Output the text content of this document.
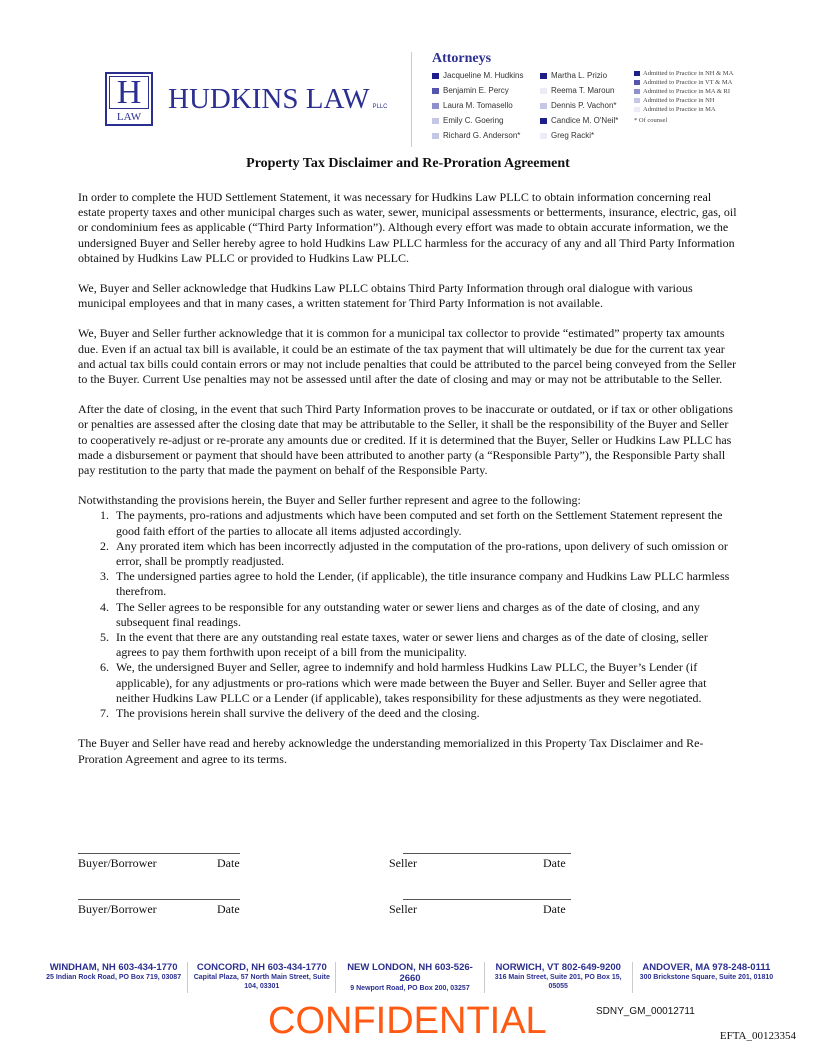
H
LAW
HUDKINS LAW PLLC
Attorneys
Jacqueline M. Hudkins
Benjamin E. Percy
Laura M. Tomasello
Emily C. Goering
Richard G. Anderson*
Martha L. Prizio
Reema T. Maroun
Dennis P. Vachon*
Candice M. O'Neil*
Greg Racki*
Admitted to Practice in NH & MA
Admitted to Practice in VT & MA
Admitted to Practice in MA & RI
Admitted to Practice in NH
Admitted to Practice in MA
* Of counsel
Property Tax Disclaimer and Re-Proration Agreement

In order to complete the HUD Settlement Statement, it was necessary for Hudkins Law PLLC to obtain information concerning real estate property taxes and other municipal charges such as water, sewer, municipal assessments or betterments, insurance, electric, gas, oil or condominium fees as applicable (“Third Party Information”). Although every effort was made to obtain accurate information, we the undersigned Buyer and Seller hereby agree to hold Hudkins Law PLLC harmless for the accuracy of any and all Third Party Information obtained by Hudkins Law PLLC or provided to Hudkins Law PLLC.

We, Buyer and Seller acknowledge that Hudkins Law PLLC obtains Third Party Information through oral dialogue with various municipal employees and that in many cases, a written statement for Third Party Information is not available.

We, Buyer and Seller further acknowledge that it is common for a municipal tax collector to provide “estimated” property tax amounts due. Even if an actual tax bill is available, it could be an estimate of the tax payment that will ultimately be due for the current tax year and actual tax bills could contain errors or may not include penalties that could be attributed to the parcel being conveyed from the Seller to the Buyer. Current Use penalties may not be assessed until after the date of closing and may or may not be attributable to the Seller.

After the date of closing, in the event that such Third Party Information proves to be inaccurate or outdated, or if tax or other obligations or penalties are assessed after the closing date that may be attributable to the Seller, it shall be the responsibility of the Buyer and Seller to cooperatively re-adjust or re-prorate any amounts due or credited. If it is determined that the Buyer, Seller or Hudkins Law PLLC has made a disbursement or payment that should have been attributed to another party (a “Responsible Party”), the Responsible Party shall pay restitution to the party that made the payment on behalf of the Responsible Party.

Notwithstanding the provisions herein, the Buyer and Seller further represent and agree to the following:
1. The payments, pro-rations and adjustments which have been computed and set forth on the Settlement Statement represent the good faith effort of the parties to allocate all items adjusted accordingly.
2. Any prorated item which has been incorrectly adjusted in the computation of the pro-rations, upon delivery of such omission or error, shall be promptly readjusted.
3. The undersigned parties agree to hold the Lender, (if applicable), the title insurance company and Hudkins Law PLLC harmless therefrom.
4. The Seller agrees to be responsible for any outstanding water or sewer liens and charges as of the date of closing, and any subsequent final readings.
5. In the event that there are any outstanding real estate taxes, water or sewer liens and charges as of the date of closing, seller agrees to pay them forthwith upon receipt of a bill from the municipality.
6. We, the undersigned Buyer and Seller, agree to indemnify and hold harmless Hudkins Law PLLC, the Buyer’s Lender (if applicable), for any adjustments or pro-rations which were made between the Buyer and Seller. Buyer and Seller agree that neither Hudkins Law PLLC or a Lender (if applicable), takes responsibility for these adjustments as they were negotiated.
7. The provisions herein shall survive the delivery of the deed and the closing.

The Buyer and Seller have read and hereby acknowledge the understanding memorialized in this Property Tax Disclaimer and Re-Proration Agreement and agree to its terms.

Buyer/Borrower	Date	Seller	Date
Buyer/Borrower	Date	Seller	Date
WINDHAM, NH 603-434-1770
25 Indian Rock Road, PO Box 719, 03087
CONCORD, NH 603-434-1770
Capital Plaza, 57 North Main Street, Suite 104, 03301
NEW LONDON, NH 603-526-2660
9 Newport Road, PO Box 200, 03257
NORWICH, VT 802-649-9200
316 Main Street, Suite 201, PO Box 15, 05055
ANDOVER, MA 978-248-0111
300 Brickstone Square, Suite 201, 01810
CONFIDENTIAL	SDNY_GM_00012711
EFTA_00123354
